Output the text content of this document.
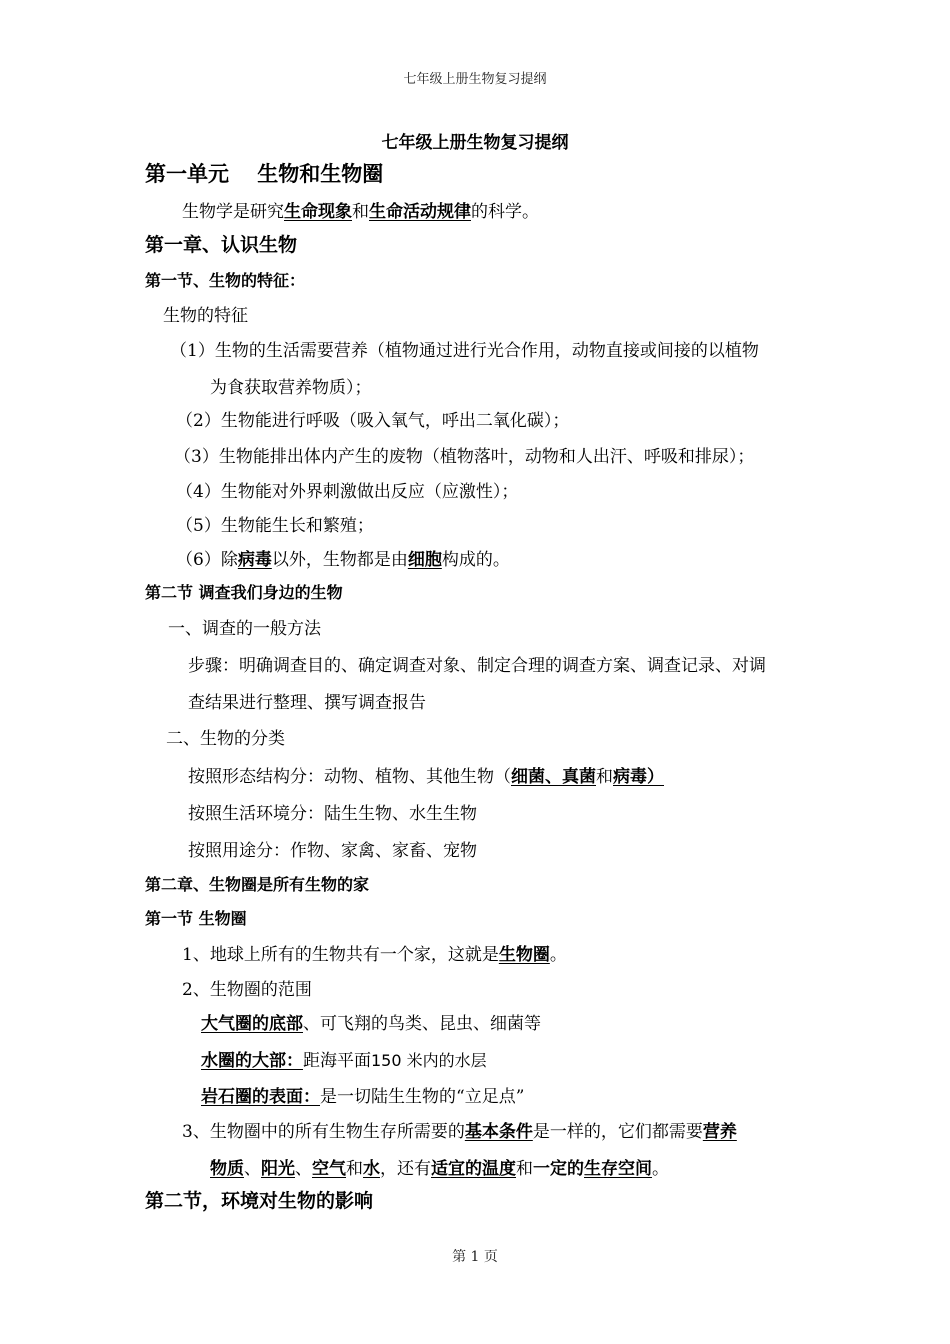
七年级上册生物复习提纲
七年级上册生物复习提纲
第一单元　 生物和生物圈
生物学是研究生命现象和生命活动规律的科学。
第一章、认识生物
第一节、生物的特征：
生物的特征
（1）生物的生活需要营养（植物通过进行光合作用，动物直接或间接的以植物
为食获取营养物质）；
（2）生物能进行呼吸（吸入氧气，呼出二氧化碳）；
（3）生物能排出体内产生的废物（植物落叶，动物和人出汗、呼吸和排尿）；
（4）生物能对外界刺激做出反应（应激性）；
（5）生物能生长和繁殖；
（6）除病毒以外，生物都是由细胞构成的。
第二节 调查我们身边的生物
一、调查的一般方法
步骤：明确调查目的、确定调查对象、制定合理的调查方案、调查记录、对调
查结果进行整理、撰写调查报告
二、生物的分类
按照形态结构分：动物、植物、其他生物（细菌、真菌和病毒）
按照生活环境分：陆生生物、水生生物
按照用途分：作物、家禽、家畜、宠物
第二章、生物圈是所有生物的家
第一节 生物圈
1、地球上所有的生物共有一个家，这就是生物圈。
2、生物圈的范围
大气圈的底部、可飞翔的鸟类、昆虫、细菌等
水圈的大部：距海平面150 米内的水层
岩石圈的表面：是一切陆生生物的“立足点”
3、生物圈中的所有生物生存所需要的基本条件是一样的，它们都需要营养
物质、阳光、空气和水，还有适宜的温度和一定的生存空间。
第二节，环境对生物的影响
第 1 页
